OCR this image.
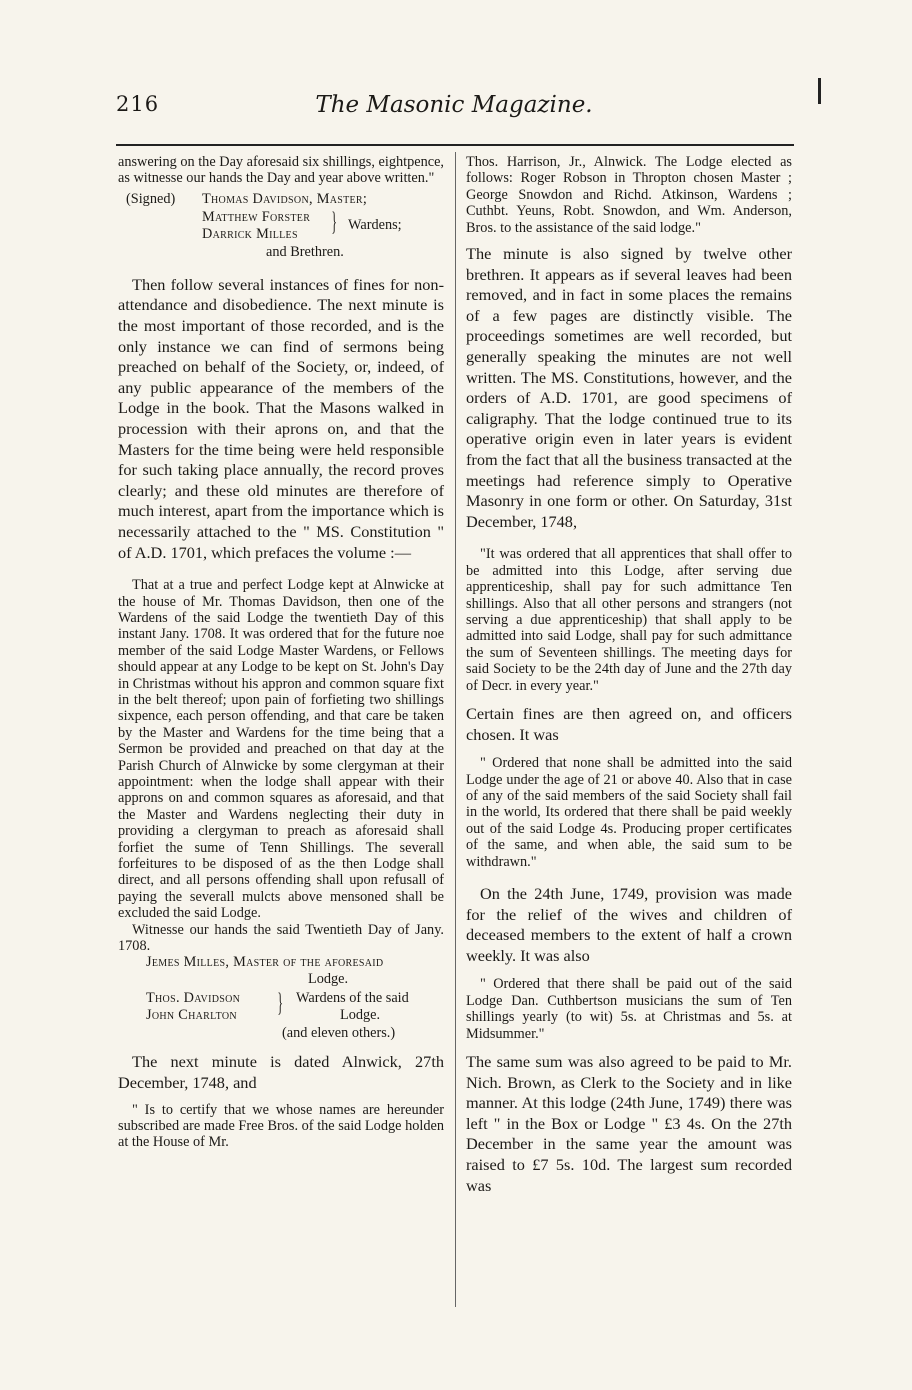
216	The Masonic Magazine.

answering on the Day aforesaid six shillings, eightpence, as witnesse our hands the Day and year above written."

(Signed) Thomas Davidson, Master;
Matthew Forster
Darrick Milles } Wardens;
and Brethren.

Then follow several instances of fines for non-attendance and disobedience. The next minute is the most important of those recorded, and is the only instance we can find of sermons being preached on behalf of the Society, or, indeed, of any public appearance of the members of the Lodge in the book. That the Masons walked in procession with their aprons on, and that the Masters for the time being were held responsible for such taking place annually, the record proves clearly; and these old minutes are therefore of much interest, apart from the importance which is necessarily attached to the " MS. Constitution " of A.D. 1701, which prefaces the volume :—

That at a true and perfect Lodge kept at Alnwicke at the house of Mr. Thomas Davidson, then one of the Wardens of the said Lodge the twentieth Day of this instant Jany. 1708. It was ordered that for the future noe member of the said Lodge Master Wardens, or Fellows should appear at any Lodge to be kept on St. John's Day in Christmas without his appron and common square fixt in the belt thereof; upon pain of forfieting two shillings sixpence, each person offending, and that care be taken by the Master and Wardens for the time being that a Sermon be provided and preached on that day at the Parish Church of Alnwicke by some clergyman at their appointment: when the lodge shall appear with their approns on and common squares as aforesaid, and that the Master and Wardens neglecting their duty in providing a clergyman to preach as aforesaid shall forfiet the sume of Tenn Shillings. The severall forfeitures to be disposed of as the then Lodge shall direct, and all persons offending shall upon refusall of paying the severall mulcts above mensoned shall be excluded the said Lodge.

Witnesse our hands the said Twentieth Day of Jany. 1708.

Jemes Milles, Master of the aforesaid
Lodge.
Thos. Davidson
John Charlton } Wardens of the said
Lodge.
(and eleven others.)

The next minute is dated Alnwick, 27th December, 1748, and

" Is to certify that we whose names are hereunder subscribed are made Free Bros. of the said Lodge holden at the House of Mr.

Thos. Harrison, Jr., Alnwick. The Lodge elected as follows: Roger Robson in Thropton chosen Master ; George Snowdon and Richd. Atkinson, Wardens ; Cuthbt. Yeuns, Robt. Snowdon, and Wm. Anderson, Bros. to the assistance of the said lodge."

The minute is also signed by twelve other brethren. It appears as if several leaves had been removed, and in fact in some places the remains of a few pages are distinctly visible. The proceedings sometimes are well recorded, but generally speaking the minutes are not well written. The MS. Constitutions, however, and the orders of A.D. 1701, are good specimens of caligraphy. That the lodge continued true to its operative origin even in later years is evident from the fact that all the business transacted at the meetings had reference simply to Operative Masonry in one form or other. On Saturday, 31st December, 1748,

"It was ordered that all apprentices that shall offer to be admitted into this Lodge, after serving due apprenticeship, shall pay for such admittance Ten shillings. Also that all other persons and strangers (not serving a due apprenticeship) that shall apply to be admitted into said Lodge, shall pay for such admittance the sum of Seventeen shillings. The meeting days for said Society to be the 24th day of June and the 27th day of Decr. in every year."

Certain fines are then agreed on, and officers chosen. It was

" Ordered that none shall be admitted into the said Lodge under the age of 21 or above 40. Also that in case of any of the said members of the said Society shall fail in the world, Its ordered that there shall be paid weekly out of the said Lodge 4s. Producing proper certificates of the same, and when able, the said sum to be withdrawn."

On the 24th June, 1749, provision was made for the relief of the wives and children of deceased members to the extent of half a crown weekly. It was also

" Ordered that there shall be paid out of the said Lodge Dan. Cuthbertson musicians the sum of Ten shillings yearly (to wit) 5s. at Christmas and 5s. at Midsummer."

The same sum was also agreed to be paid to Mr. Nich. Brown, as Clerk to the Society and in like manner. At this lodge (24th June, 1749) there was left " in the Box or Lodge " £3 4s. On the 27th December in the same year the amount was raised to £7 5s. 10d. The largest sum recorded was
